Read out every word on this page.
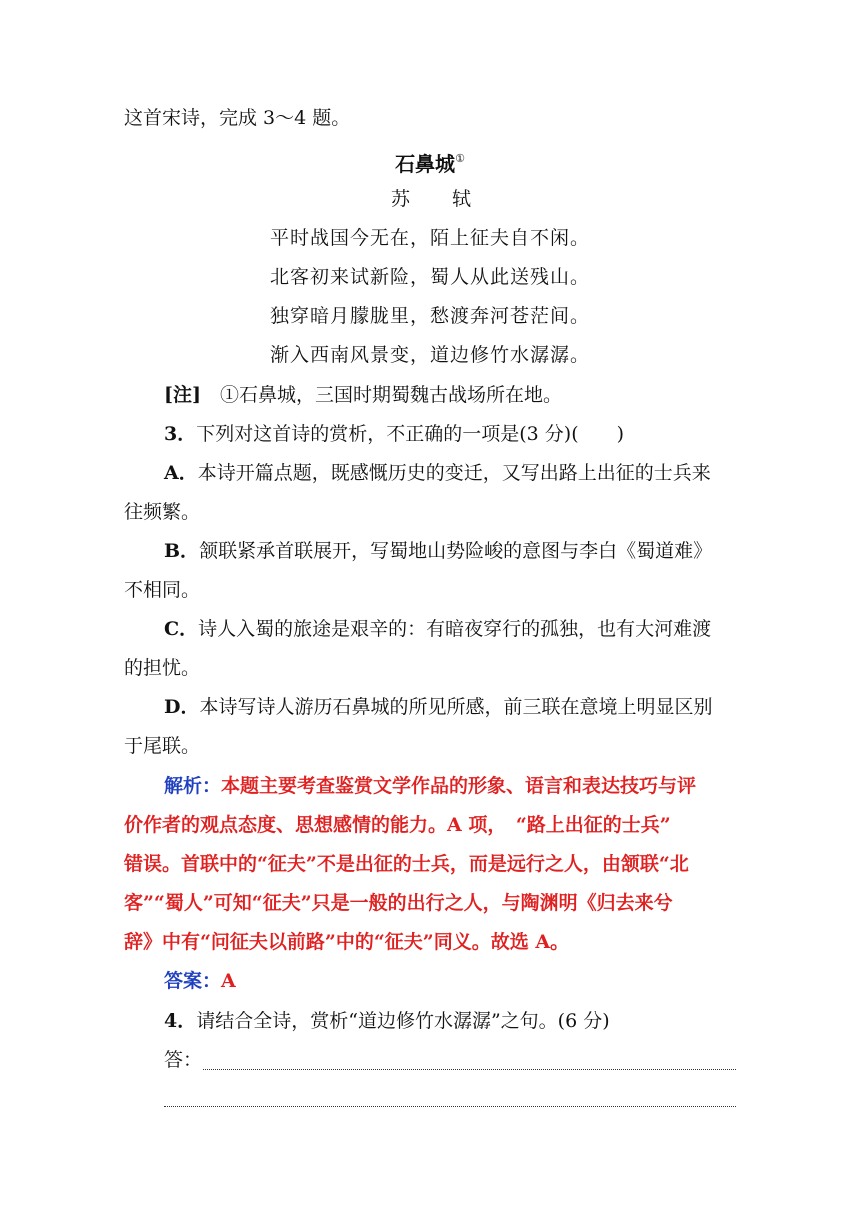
这首宋诗，完成 3～4 题。
石鼻城①
苏 轼
平时战国今无在，陌上征夫自不闲。
北客初来试新险，蜀人从此送残山。
独穿暗月朦胧里，愁渡奔河苍茫间。
渐入西南风景变，道边修竹水潺潺。
[注]　 ①石鼻城，三国时期蜀魏古战场所在地。
3．下列对这首诗的赏析，不正确的一项是(3 分)(　　)
A．本诗开篇点题，既感慨历史的变迁，又写出路上出征的士兵来
往频繁。
B．颔联紧承首联展开，写蜀地山势险峻的意图与李白《蜀道难》
不相同。
C．诗人入蜀的旅途是艰辛的：有暗夜穿行的孤独，也有大河难渡
的担忧。
D．本诗写诗人游历石鼻城的所见所感，前三联在意境上明显区别
于尾联。
解析：本题主要考查鉴赏文学作品的形象、语言和表达技巧与评
价作者的观点态度、思想感情的能力。A 项，　“路上出征的士兵”
错误。首联中的“征夫”不是出征的士兵，而是远行之人，由颔联“北
客”“蜀人”可知“征夫”只是一般的出行之人，与陶渊明《归去来兮
辞》中有“问征夫以前路”中的“征夫”同义。故选 A。
答案：A
4．请结合全诗，赏析“道边修竹水潺潺”之句。(6 分)
答：
